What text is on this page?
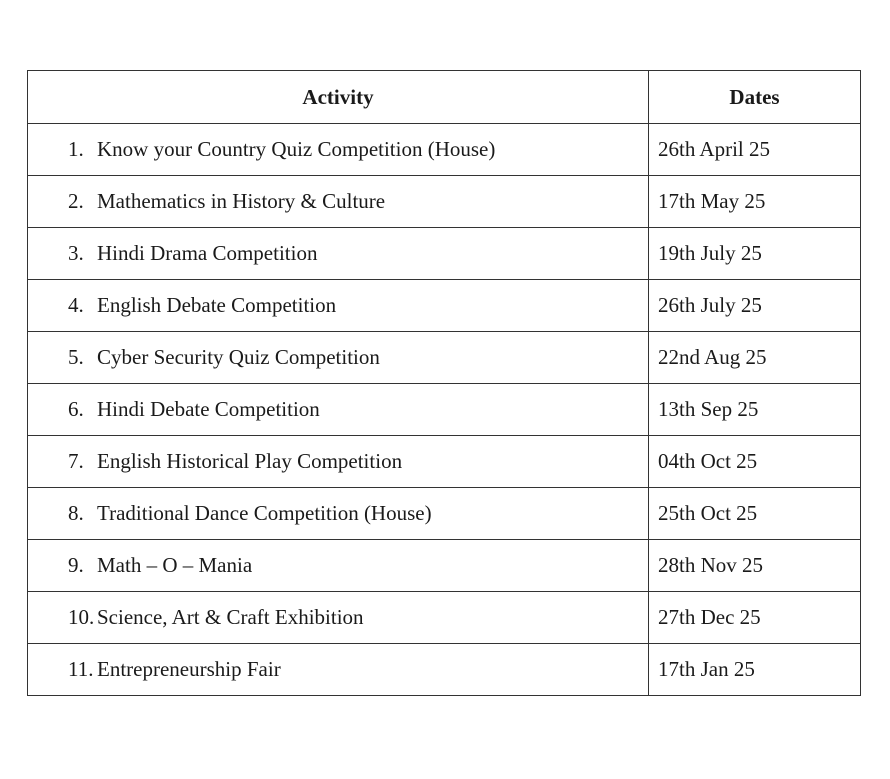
Activity	Dates
1. Know your Country Quiz Competition (House)	26th April 25
2. Mathematics in History & Culture	17th May 25
3. Hindi Drama Competition	19th July 25
4. English Debate Competition	26th July 25
5. Cyber Security Quiz Competition	22nd Aug 25
6. Hindi Debate Competition	13th Sep 25
7. English Historical Play Competition	04th Oct 25
8. Traditional Dance Competition (House)	25th Oct 25
9. Math – O – Mania	28th Nov 25
10. Science, Art & Craft Exhibition	27th Dec 25
11. Entrepreneurship Fair	17th Jan 25
